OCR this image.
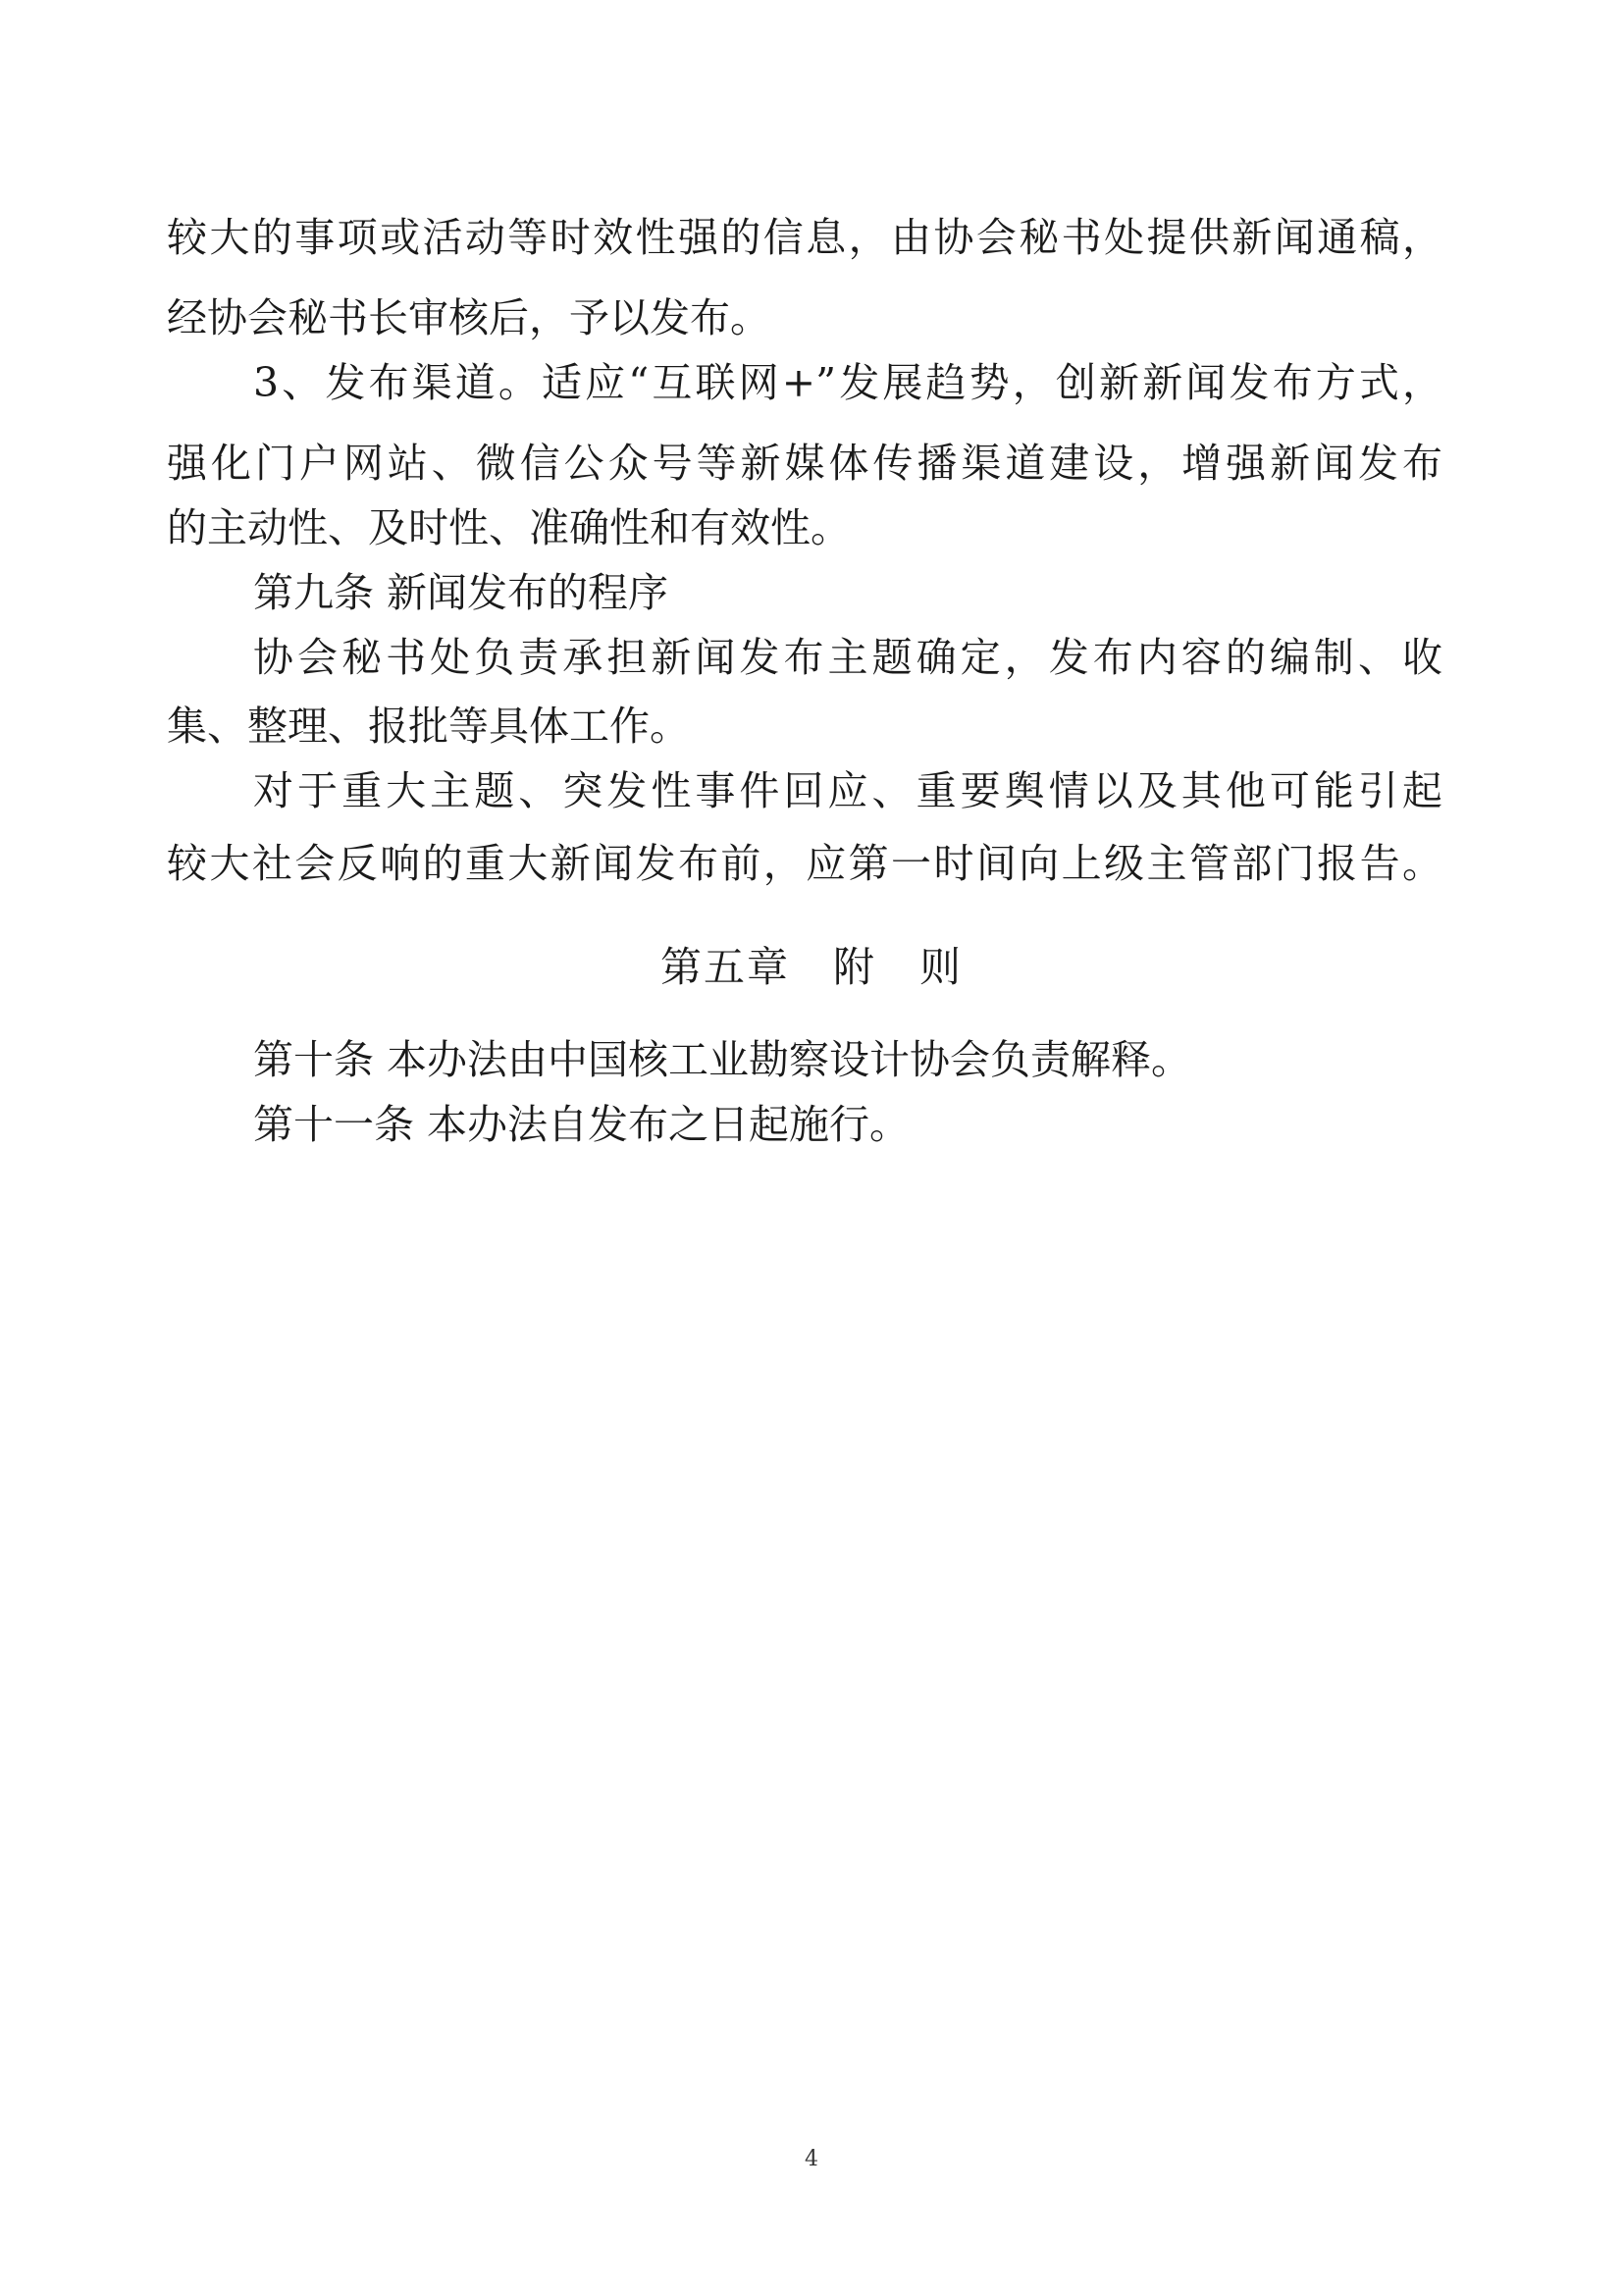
较大的事项或活动等时效性强的信息，由协会秘书处提供新闻通稿，
经协会秘书长审核后，予以发布。
3、发布渠道。适应“互联网+”发展趋势，创新新闻发布方式，
强化门户网站、微信公众号等新媒体传播渠道建设，增强新闻发布
的主动性、及时性、准确性和有效性。
第九条 新闻发布的程序
协会秘书处负责承担新闻发布主题确定，发布内容的编制、收
集、整理、报批等具体工作。
对于重大主题、突发性事件回应、重要舆情以及其他可能引起
较大社会反响的重大新闻发布前，应第一时间向上级主管部门报告。
第五章　附　则
第十条 本办法由中国核工业勘察设计协会负责解释。
第十一条 本办法自发布之日起施行。
4
